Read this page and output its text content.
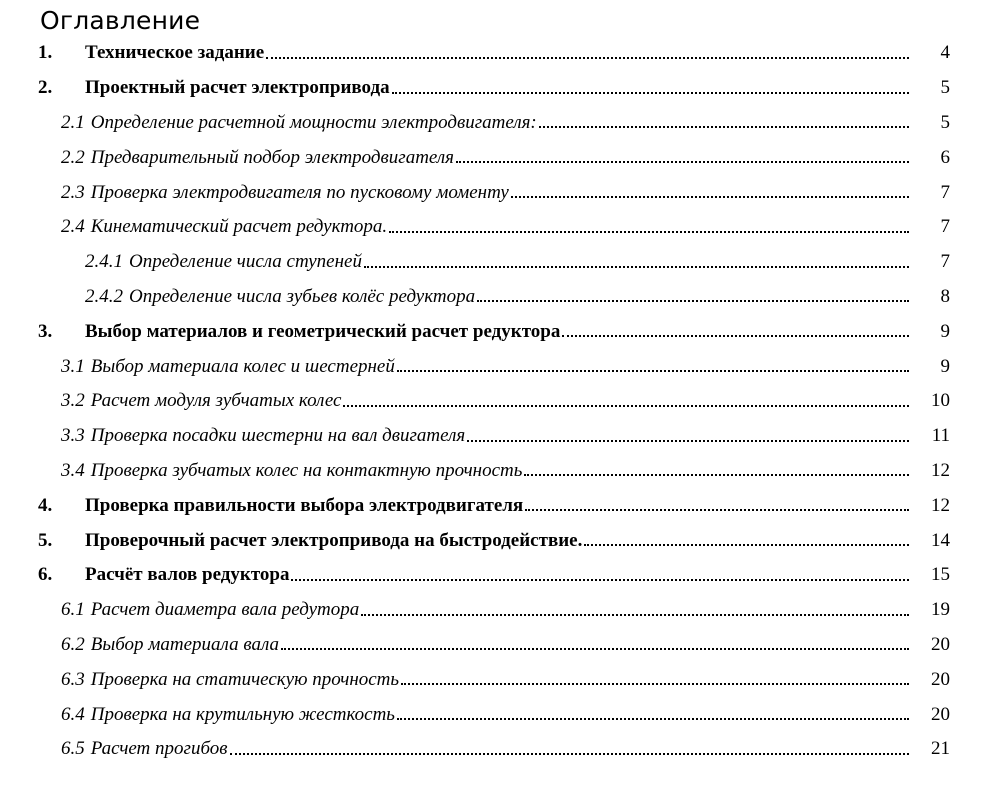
Оглавление
1.	Техническое задание	4
2.	Проектный расчет электропривода	5
2.1 Определение расчетной мощности электродвигателя:	5
2.2 Предварительный подбор электродвигателя	6
2.3 Проверка электродвигателя по пусковому моменту	7
2.4 Кинематический расчет редуктора.	7
2.4.1 Определение числа ступеней	7
2.4.2 Определение числа зубьев колёс редуктора	8
3.	Выбор материалов и геометрический расчет редуктора	9
3.1 Выбор материала колес и шестерней	9
3.2 Расчет модуля зубчатых колес	10
3.3 Проверка посадки шестерни на вал двигателя	11
3.4 Проверка зубчатых колес на контактную прочность	12
4.	Проверка правильности выбора электродвигателя	12
5.	Проверочный расчет электропривода на быстродействие.	14
6.	Расчёт валов редуктора	15
6.1 Расчет диаметра вала редутора	19
6.2 Выбор материала вала	20
6.3 Проверка на статическую прочность	20
6.4 Проверка на крутильную жесткость	20
6.5 Расчет прогибов	21
